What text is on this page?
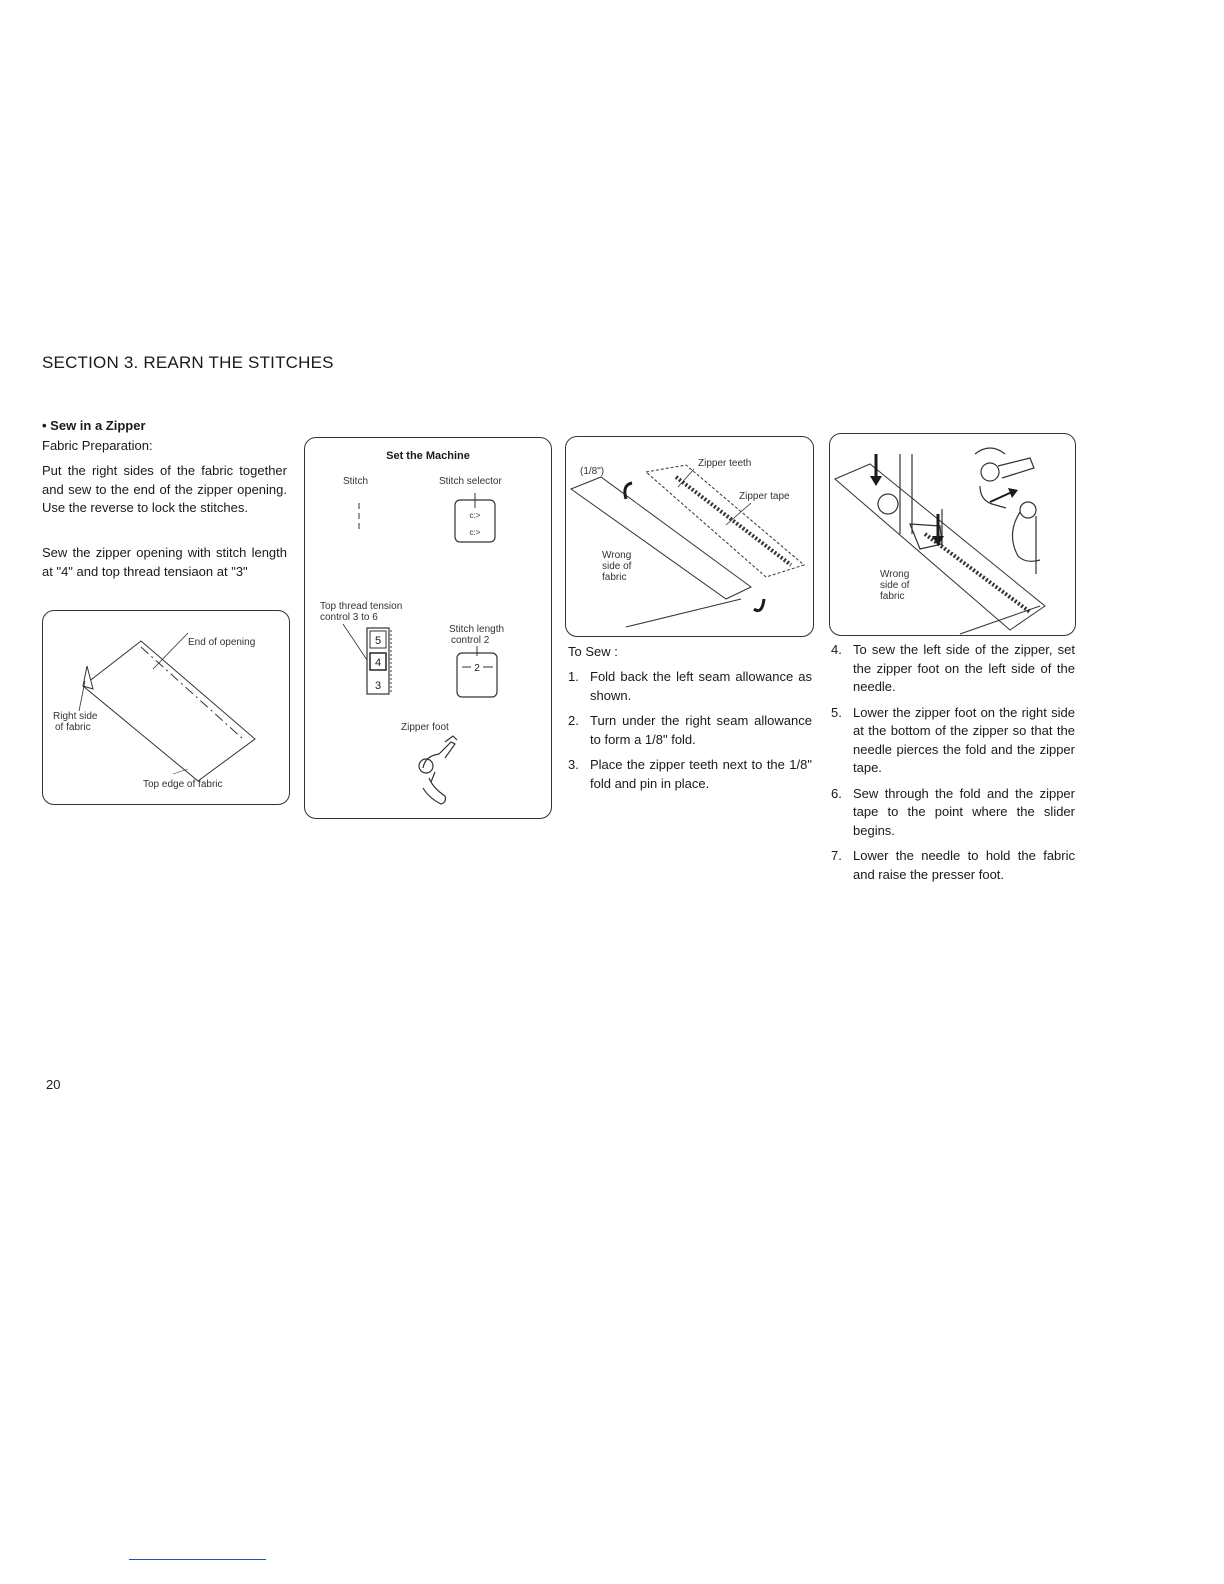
SECTION 3. REARN THE STITCHES
• Sew in a Zipper
Fabric Preparation:
Put the right sides of the fabric together and sew to the end of the zipper opening. Use the reverse to lock the stitches.
Sew the zipper opening with stitch length at "4" and top thread tensiaon at "3"
End of opening
Right side
of fabric
Top edge of fabric
Set the Machine
Stitch	Stitch selector
c:>
c:>
Top thread tension
control 3 to 6
5
4
3
Stitch length
control 2
2
Zipper foot
(1/8")
Zipper teeth
Zipper tape
Wrong
side of
fabric	Wrong
side of
fabric
To Sew :
1. Fold back the left seam allowance as shown.
2. Turn under the right seam allowance to form a 1/8" fold.
3. Place the zipper teeth next to the 1/8" fold and pin in place.
4. To sew the left side of the zipper, set the zipper foot on the left side of the needle.
5. Lower the zipper foot on the right side at the bottom of the zipper so that the needle pierces the fold and the zipper tape.
6. Sew through the fold and the zipper tape to the point where the slider begins.
7. Lower the needle to hold the fabric and raise the presser foot.
20
